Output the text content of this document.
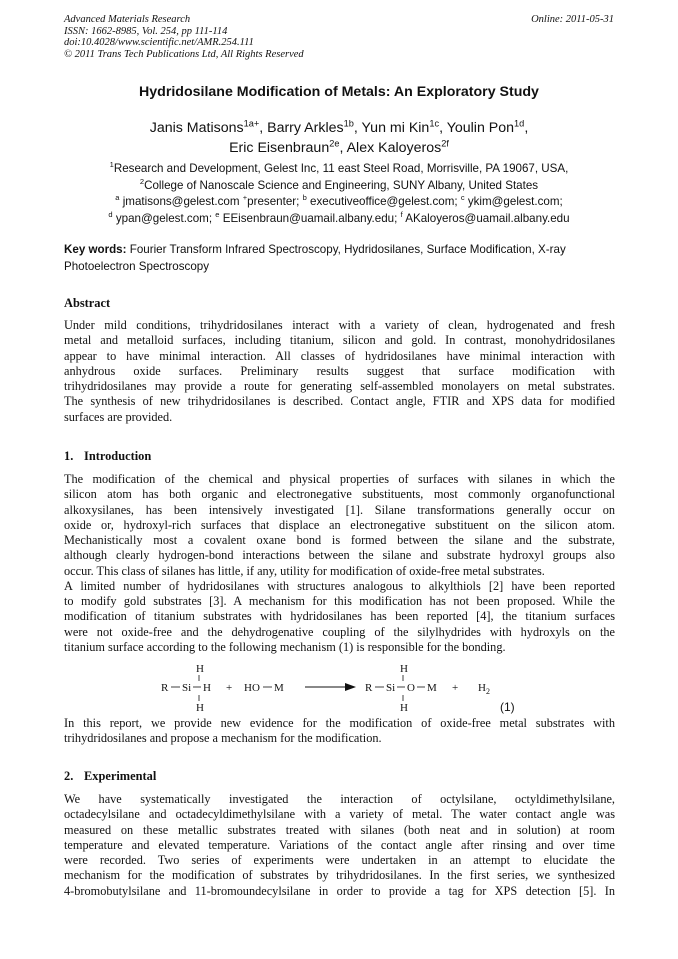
Advanced Materials Research
ISSN: 1662-8985, Vol. 254, pp 111-114
doi:10.4028/www.scientific.net/AMR.254.111
© 2011 Trans Tech Publications Ltd, All Rights Reserved
Online: 2011-05-31
Hydridosilane Modification of Metals: An Exploratory Study
Janis Matisons$^{1a+}$, Barry Arkles$^{1b}$, Yun mi Kin$^{1c}$, Youlin Pon$^{1d}$,
Eric Eisenbraun$^{2e}$, Alex Kaloyeros$^{2f}$
$^1$Research and Development, Gelest Inc, 11 east Steel Road, Morrisville, PA 19067, USA,
$^2$College of Nanoscale Science and Engineering, SUNY Albany, United States
$^a$ jmatisons@gelest.com +presenter; $^b$ executiveoffice@gelest.com; $^c$ ykim@gelest.com;
$^d$ ypan@gelest.com; $^e$ EEisenbraun@uamail.albany.edu; $^f$ AKaloyeros@uamail.albany.edu
Key words: Fourier Transform Infrared Spectroscopy, Hydridosilanes, Surface Modification, X-ray Photoelectron Spectroscopy
Abstract
Under mild conditions, trihydridosilanes interact with a variety of clean, hydrogenated and fresh
metal and metalloid surfaces, including titanium, silicon and gold. In contrast, monohydridosilanes
appear to have minimal interaction. All classes of hydridosilanes have minimal interaction with
anhydrous oxide surfaces. Preliminary results suggest that surface modification with
trihydridosilanes may provide a route for generating self-assembled monolayers on metal substrates.
The synthesis of new trihydridosilanes is described. Contact angle, FTIR and XPS data for modified
surfaces are provided.
1. Introduction
The modification of the chemical and physical properties of surfaces with silanes in which the
silicon atom has both organic and electronegative substituents, most commonly organofunctional
alkoxysilanes, has been intensively investigated [1]. Silane transformations generally occur on
oxide or, hydroxyl-rich surfaces that displace an electronegative substituent on the silicon atom.
Mechanistically most a covalent oxane bond is formed between the silane and the substrate,
although clearly hydrogen-bond interactions between the silane and substrate hydroxyl groups also
occur. This class of silanes has little, if any, utility for modification of oxide-free metal substrates.
A limited number of hydridosilanes with structures analogous to alkylthiols [2] have been reported
to modify gold substrates [3]. A mechanism for this modification has not been proposed. While the
modification of titanium substrates with hydridosilanes has been reported [4], the titanium surfaces
were not oxide-free and the dehydrogenative coupling of the silylhydrides with hydroxyls on the
titanium surface according to the following mechanism (1) is responsible for the bonding.
H
R Si H
H
+ HO M
H
R Si O M
H
+ H 2
(1)
In this report, we provide new evidence for the modification of oxide-free metal substrates with
trihydridosilanes and propose a mechanism for the modification.
2. Experimental
We have systematically investigated the interaction of octylsilane, octyldimethylsilane,
octadecylsilane and octadecyldimethylsilane with a variety of metal. The water contact angle was
measured on these metallic substrates treated with silanes (both neat and in solution) at room
temperature and elevated temperature. Variations of the contact angle after rinsing and over time
were recorded. Two series of experiments were undertaken in an attempt to elucidate the
mechanism for the modification of substrates by trihydridosilanes. In the first series, we synthesized
4-bromobutylsilane and 11-bromoundecylsilane in order to provide a tag for XPS detection [5]. In
